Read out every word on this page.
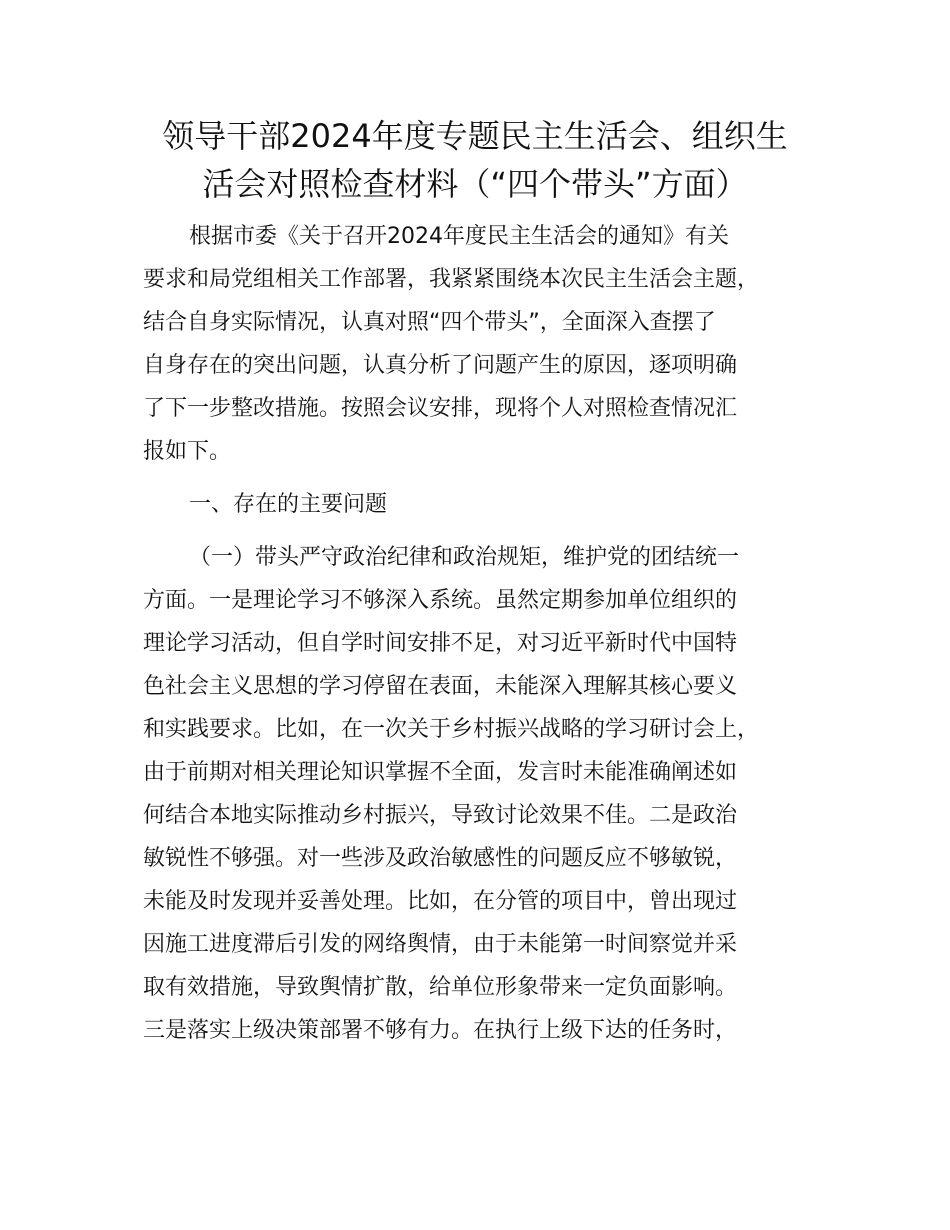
领导干部2024年度专题民主生活会、组织生
活会对照检查材料（“四个带头”方面）
根据市委《关于召开2024年度民主生活会的通知》有关
要求和局党组相关工作部署，我紧紧围绕本次民主生活会主题，
结合自身实际情况，认真对照“四个带头”，全面深入查摆了
自身存在的突出问题，认真分析了问题产生的原因，逐项明确
了下一步整改措施。按照会议安排，现将个人对照检查情况汇
报如下。
一、存在的主要问题
（一）带头严守政治纪律和政治规矩，维护党的团结统一
方面。一是理论学习不够深入系统。虽然定期参加单位组织的
理论学习活动，但自学时间安排不足，对习近平新时代中国特
色社会主义思想的学习停留在表面，未能深入理解其核心要义
和实践要求。比如，在一次关于乡村振兴战略的学习研讨会上，
由于前期对相关理论知识掌握不全面，发言时未能准确阐述如
何结合本地实际推动乡村振兴，导致讨论效果不佳。二是政治
敏锐性不够强。对一些涉及政治敏感性的问题反应不够敏锐，
未能及时发现并妥善处理。比如，在分管的项目中，曾出现过
因施工进度滞后引发的网络舆情，由于未能第一时间察觉并采
取有效措施，导致舆情扩散，给单位形象带来一定负面影响。
三是落实上级决策部署不够有力。在执行上级下达的任务时，
